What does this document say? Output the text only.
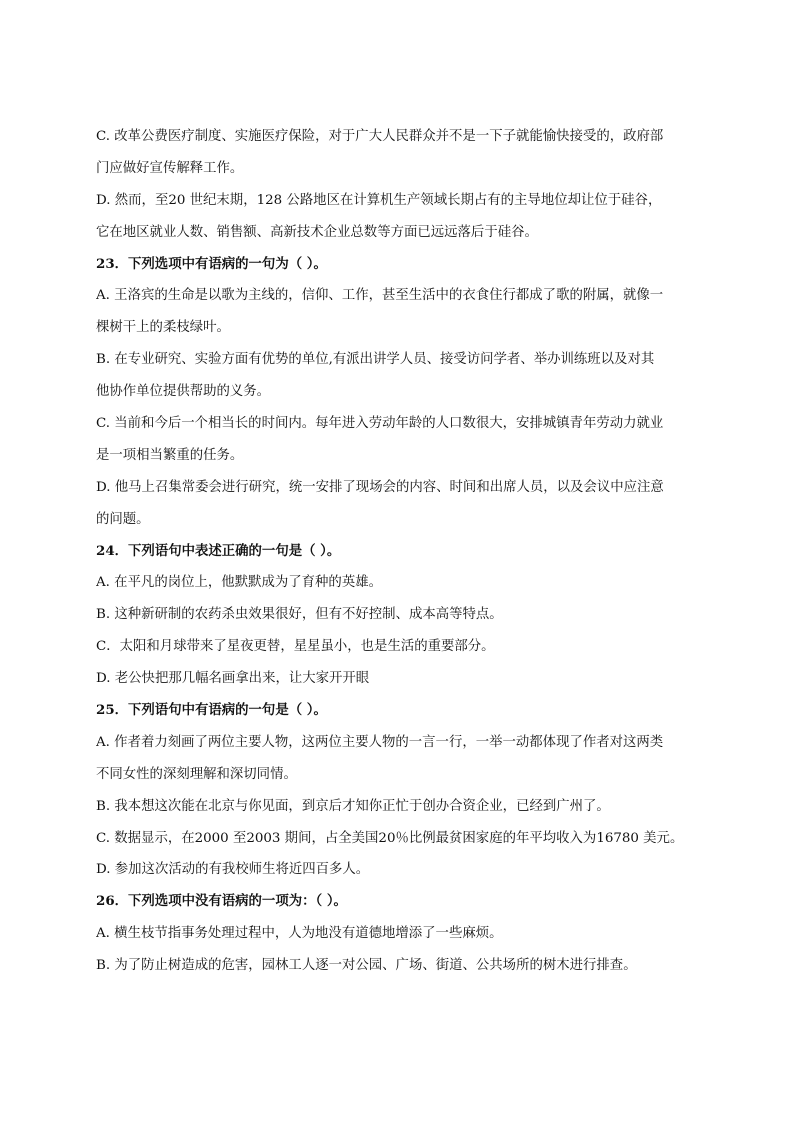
C. 改革公费医疗制度、实施医疗保险，对于广大人民群众并不是一下子就能愉快接受的，政府部
门应做好宣传解释工作。
D. 然而，至20 世纪末期，128 公路地区在计算机生产领域长期占有的主导地位却让位于硅谷，
它在地区就业人数、销售额、高新技术企业总数等方面已远远落后于硅谷。
23．下列选项中有语病的一句为（ ）。
A. 王洛宾的生命是以歌为主线的，信仰、工作，甚至生活中的衣食住行都成了歌的附属，就像一
棵树干上的柔枝绿叶。
B. 在专业研究、实验方面有优势的单位,有派出讲学人员、接受访问学者、举办训练班以及对其
他协作单位提供帮助的义务。
C. 当前和今后一个相当长的时间内。每年进入劳动年龄的人口数很大，安排城镇青年劳动力就业
是一项相当繁重的任务。
D. 他马上召集常委会进行研究，统一安排了现场会的内容、时间和出席人员，以及会议中应注意
的问题。
24．下列语句中表述正确的一句是（ ）。
A. 在平凡的岗位上，他默默成为了育种的英雄。
B. 这种新研制的农药杀虫效果很好，但有不好控制、成本高等特点。
C．太阳和月球带来了星夜更替，星星虽小，也是生活的重要部分。
D. 老公快把那几幅名画拿出来，让大家开开眼
25．下列语句中有语病的一句是（ ）。
A. 作者着力刻画了两位主要人物，这两位主要人物的一言一行，一举一动都体现了作者对这两类
不同女性的深刻理解和深切同情。
B. 我本想这次能在北京与你见面，到京后才知你正忙于创办合资企业，已经到广州了。
C. 数据显示，在2000 至2003 期间，占全美国20％比例最贫困家庭的年平均收入为16780 美元。
D. 参加这次活动的有我校师生将近四百多人。
26．下列选项中没有语病的一项为：（ ）。
A. 横生枝节指事务处理过程中，人为地没有道德地增添了一些麻烦。
B. 为了防止树造成的危害，园林工人逐一对公园、广场、街道、公共场所的树木进行排查。
